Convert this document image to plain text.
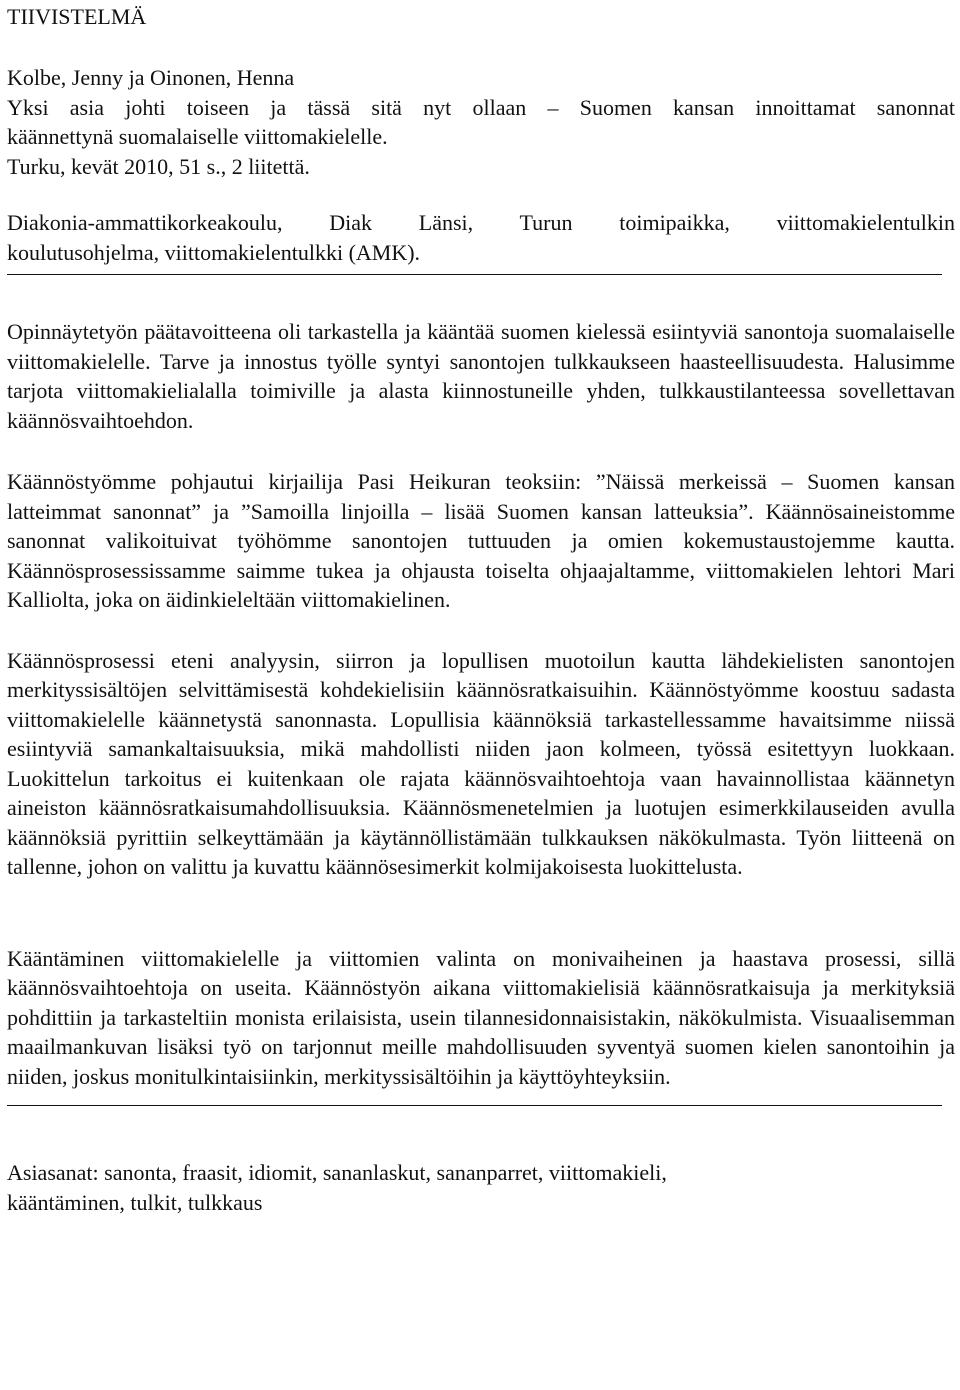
TIIVISTELMÄ
Kolbe, Jenny ja Oinonen, Henna
Yksi asia johti toiseen ja tässä sitä nyt ollaan – Suomen kansan innoittamat sanonnat
käännettynä suomalaiselle viittomakielelle.
Turku, kevät 2010, 51 s., 2 liitettä.
Diakonia-ammattikorkeakoulu, Diak Länsi, Turun toimipaikka, viittomakielentulkin
koulutusohjelma, viittomakielentulkki (AMK).

Opinnäytetyön päätavoitteena oli tarkastella ja kääntää suomen kielessä esiintyviä sanontoja suomalaiselle viittomakielelle. Tarve ja innostus työlle syntyi sanontojen tulkkaukseen haasteellisuudesta. Halusimme tarjota viittomakielialalla toimiville ja alasta kiinnostuneille yhden, tulkkaustilanteessa sovellettavan käännösvaihtoehdon.

Käännöstyömme pohjautui kirjailija Pasi Heikuran teoksiin: ”Näissä merkeissä – Suomen kansan latteimmat sanonnat” ja ”Samoilla linjoilla – lisää Suomen kansan latteuksia”. Käännösaineistomme sanonnat valikoituivat työhömme sanontojen tuttuuden ja omien kokemustaustojemme kautta. Käännösprosessissamme saimme tukea ja ohjausta toiselta ohjaajaltamme, viittomakielen lehtori Mari Kalliolta, joka on äidinkieleltään viittomakielinen.

Käännösprosessi eteni analyysin, siirron ja lopullisen muotoilun kautta lähdekielisten sanontojen merkityssisältöjen selvittämisestä kohdekielisiin käännösratkaisuihin. Käännöstyömme koostuu sadasta viittomakielelle käännetystä sanonnasta. Lopullisia käännöksiä tarkastellessamme havaitsimme niissä esiintyviä samankaltaisuuksia, mikä mahdollisti niiden jaon kolmeen, työssä esitettyyn luokkaan. Luokittelun tarkoitus ei kuitenkaan ole rajata käännösvaihtoehtoja vaan havainnollistaa käännetyn aineiston käännösratkaisumahdollisuuksia. Käännösmenetelmien ja luotujen esimerkkilauseiden avulla käännöksiä pyrittiin selkeyttämään ja käytännöllistämään tulkkauksen näkökulmasta. Työn liitteenä on tallenne, johon on valittu ja kuvattu käännösesimerkit kolmijakoisesta luokittelusta.

Kääntäminen viittomakielelle ja viittomien valinta on monivaiheinen ja haastava prosessi, sillä käännösvaihtoehtoja on useita. Käännöstyön aikana viittomakielisiä käännösratkaisuja ja merkityksiä pohdittiin ja tarkasteltiin monista erilaisista, usein tilannesidonnaisistakin, näkökulmista. Visuaalisemman maailmankuvan lisäksi työ on tarjonnut meille mahdollisuuden syventyä suomen kielen sanontoihin ja niiden, joskus monitulkintaisiinkin, merkityssisältöihin ja käyttöyhteyksiin.

Asiasanat: sanonta, fraasit, idiomit, sananlaskut, sananparret, viittomakieli,
kääntäminen, tulkit, tulkkaus
